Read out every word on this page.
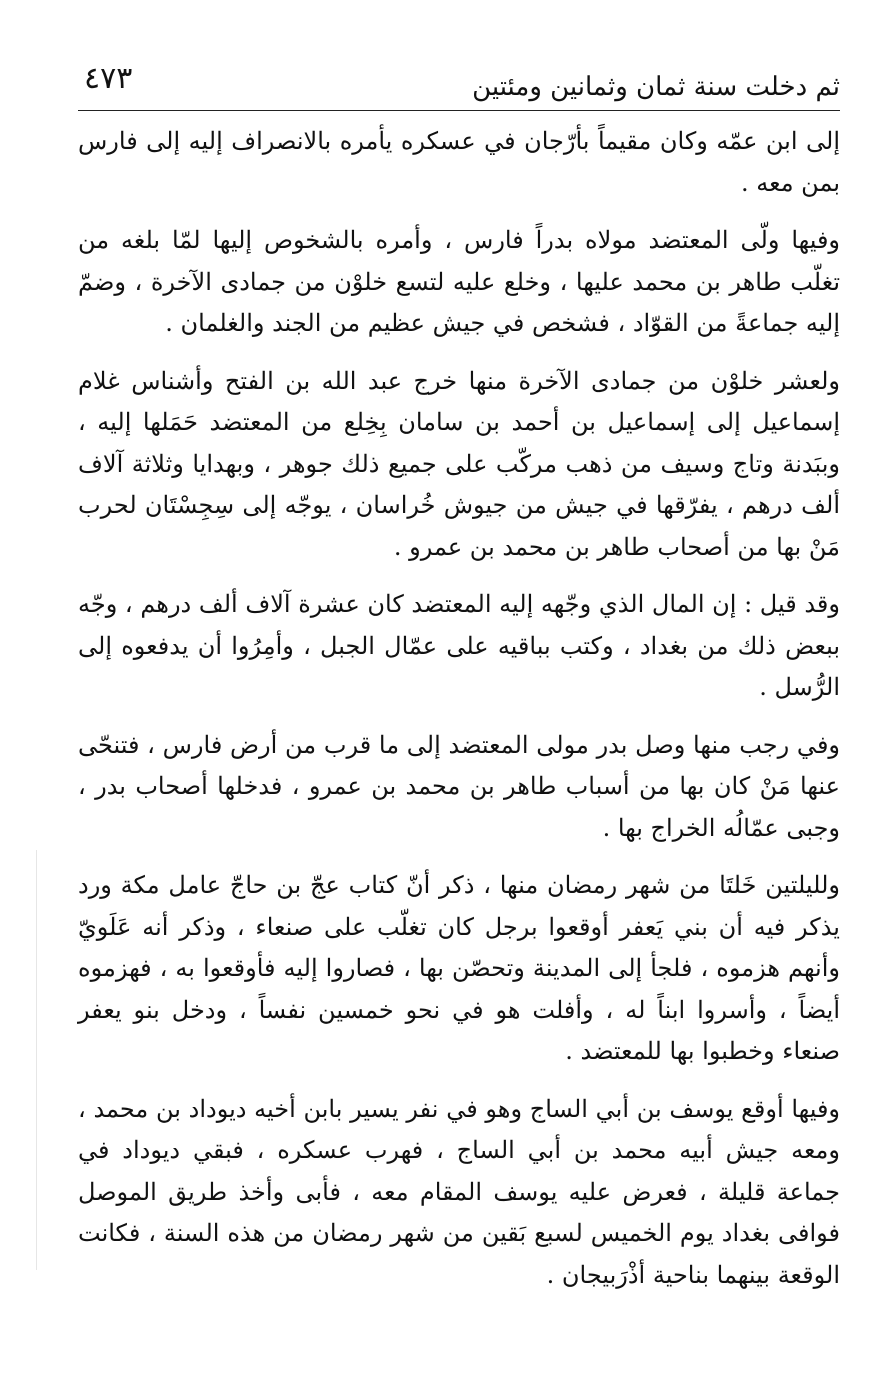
٤٧٣	ثم دخلت سنة ثمان وثمانين ومئتين

إلى ابن عمّه وكان مقيماً بأرّجان في عسكره يأمره بالانصراف إليه إلى فارس بمن معه .

وفيها ولّى المعتضد مولاه بدراً فارس ، وأمره بالشخوص إليها لمّا بلغه من تغلّب طاهر بن محمد عليها ، وخلع عليه لتسع خلوْن من جمادى الآخرة ، وضمّ إليه جماعةً من القوّاد ، فشخص في جيش عظيم من الجند والغلمان .

ولعشر خلوْن من جمادى الآخرة منها خرج عبد الله بن الفتح وأشناس غلام إسماعيل إلى إسماعيل بن أحمد بن سامان بِخِلع من المعتضد حَمَلها إليه ، وببَدنة وتاج وسيف من ذهب مركّب على جميع ذلك جوهر ، وبهدايا وثلاثة آلاف ألف درهم ، يفرّقها في جيش من جيوش خُراسان ، يوجّه إلى سِجِسْتَان لحرب مَنْ بها من أصحاب طاهر بن محمد بن عمرو .

وقد قيل : إن المال الذي وجّهه إليه المعتضد كان عشرة آلاف ألف درهم ، وجّه ببعض ذلك من بغداد ، وكتب بباقيه على عمّال الجبل ، وأمِرُوا أن يدفعوه إلى الرُّسل .

وفي رجب منها وصل بدر مولى المعتضد إلى ما قرب من أرض فارس ، فتنحّى عنها مَنْ كان بها من أسباب طاهر بن محمد بن عمرو ، فدخلها أصحاب بدر ، وجبى عمّالُه الخراج بها .

ولليلتين خَلتَا من شهر رمضان منها ، ذكر أنّ كتاب عجّ بن حاجّ عامل مكة ورد يذكر فيه أن بني يَعفر أوقعوا برجل كان تغلّب على صنعاء ، وذكر أنه عَلَويّ وأنهم هزموه ، فلجأ إلى المدينة وتحصّن بها ، فصاروا إليه فأوقعوا به ، فهزموه أيضاً ، وأسروا ابناً له ، وأفلت هو في نحو خمسين نفساً ، ودخل بنو يعفر صنعاء وخطبوا بها للمعتضد .

وفيها أوقع يوسف بن أبي الساج وهو في نفر يسير بابن أخيه ديوداد بن محمد ، ومعه جيش أبيه محمد بن أبي الساج ، فهرب عسكره ، فبقي ديوداد في جماعة قليلة ، فعرض عليه يوسف المقام معه ، فأبى وأخذ طريق الموصل فوافى بغداد يوم الخميس لسبع بَقين من شهر رمضان من هذه السنة ، فكانت الوقعة بينهما بناحية أذْرَبيجان .
